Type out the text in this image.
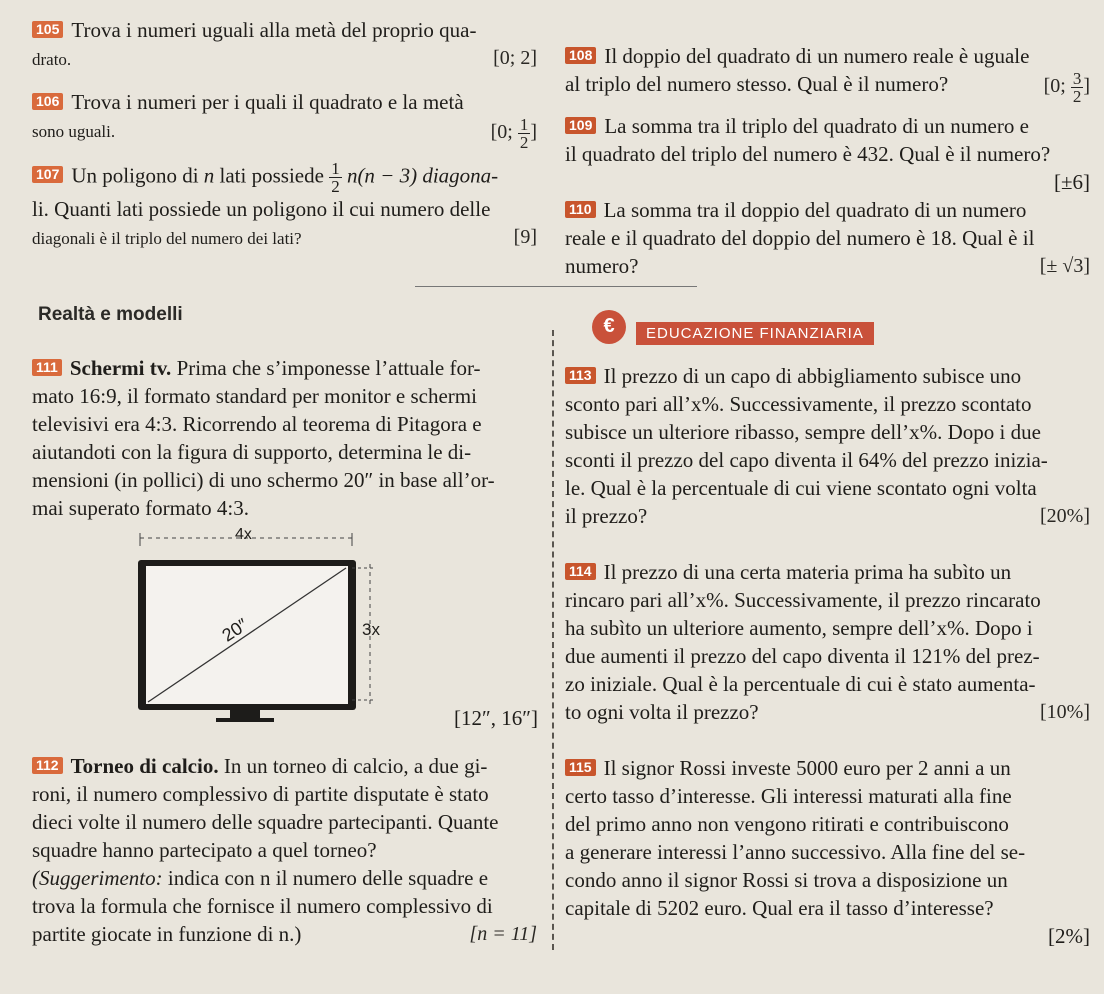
105 Trova i numeri uguali alla metà del proprio qua-

drato.	[0; 2]

106 Trova i numeri per i quali il quadrato e la metà

sono uguali.	[0; $\frac{1}{2}$ ]

107 Un poligono di n lati possiede $\frac{1}{2} n(n - 3)$ diagona-

li. Quanti lati possiede un poligono il cui numero delle

diagonali è il triplo del numero dei lati?	[9]

108 Il doppio del quadrato di un numero reale è uguale

al triplo del numero stesso. Qual è il numero?	[0; $\frac{3}{2}$ ]

109 La somma tra il triplo del quadrato di un numero e

il quadrato del triplo del numero è 432. Qual è il numero?

[±6]

110 La somma tra il doppio del quadrato di un numero

reale e il quadrato del doppio del numero è 18. Qual è il

numero?	[± √3]

Realtà e modelli
€	EDUCAZIONE FINANZIARIA

111 Schermi tv. Prima che s’imponesse l’attuale for-

mato 16:9, il formato standard per monitor e schermi

televisivi era 4:3. Ricorrendo al teorema di Pitagora e

aiutandoti con la figura di supporto, determina le di-

mensioni (in pollici) di uno schermo 20″ in base all’or-

mai superato formato 4:3.

4x
3x
20″
[12″, 16″]

112 Torneo di calcio. In un torneo di calcio, a due gi-

roni, il numero complessivo di partite disputate è stato

dieci volte il numero delle squadre partecipanti. Quante

squadre hanno partecipato a quel torneo?

(Suggerimento: indica con n il numero delle squadre e

trova la formula che fornisce il numero complessivo di

partite giocate in funzione di n.)	[n = 11]

113 Il prezzo di un capo di abbigliamento subisce uno

sconto pari all’x%. Successivamente, il prezzo scontato

subisce un ulteriore ribasso, sempre dell’x%. Dopo i due

sconti il prezzo del capo diventa il 64% del prezzo inizia-

le. Qual è la percentuale di cui viene scontato ogni volta

il prezzo?	[20%]

114 Il prezzo di una certa materia prima ha subìto un

rincaro pari all’x%. Successivamente, il prezzo rincarato

ha subìto un ulteriore aumento, sempre dell’x%. Dopo i

due aumenti il prezzo del capo diventa il 121% del prez-

zo iniziale. Qual è la percentuale di cui è stato aumenta-

to ogni volta il prezzo?	[10%]

115 Il signor Rossi investe 5000 euro per 2 anni a un

certo tasso d’interesse. Gli interessi maturati alla fine

del primo anno non vengono ritirati e contribuiscono

a generare interessi l’anno successivo. Alla fine del se-

condo anno il signor Rossi si trova a disposizione un

capitale di 5202 euro. Qual era il tasso d’interesse?

[2%]
